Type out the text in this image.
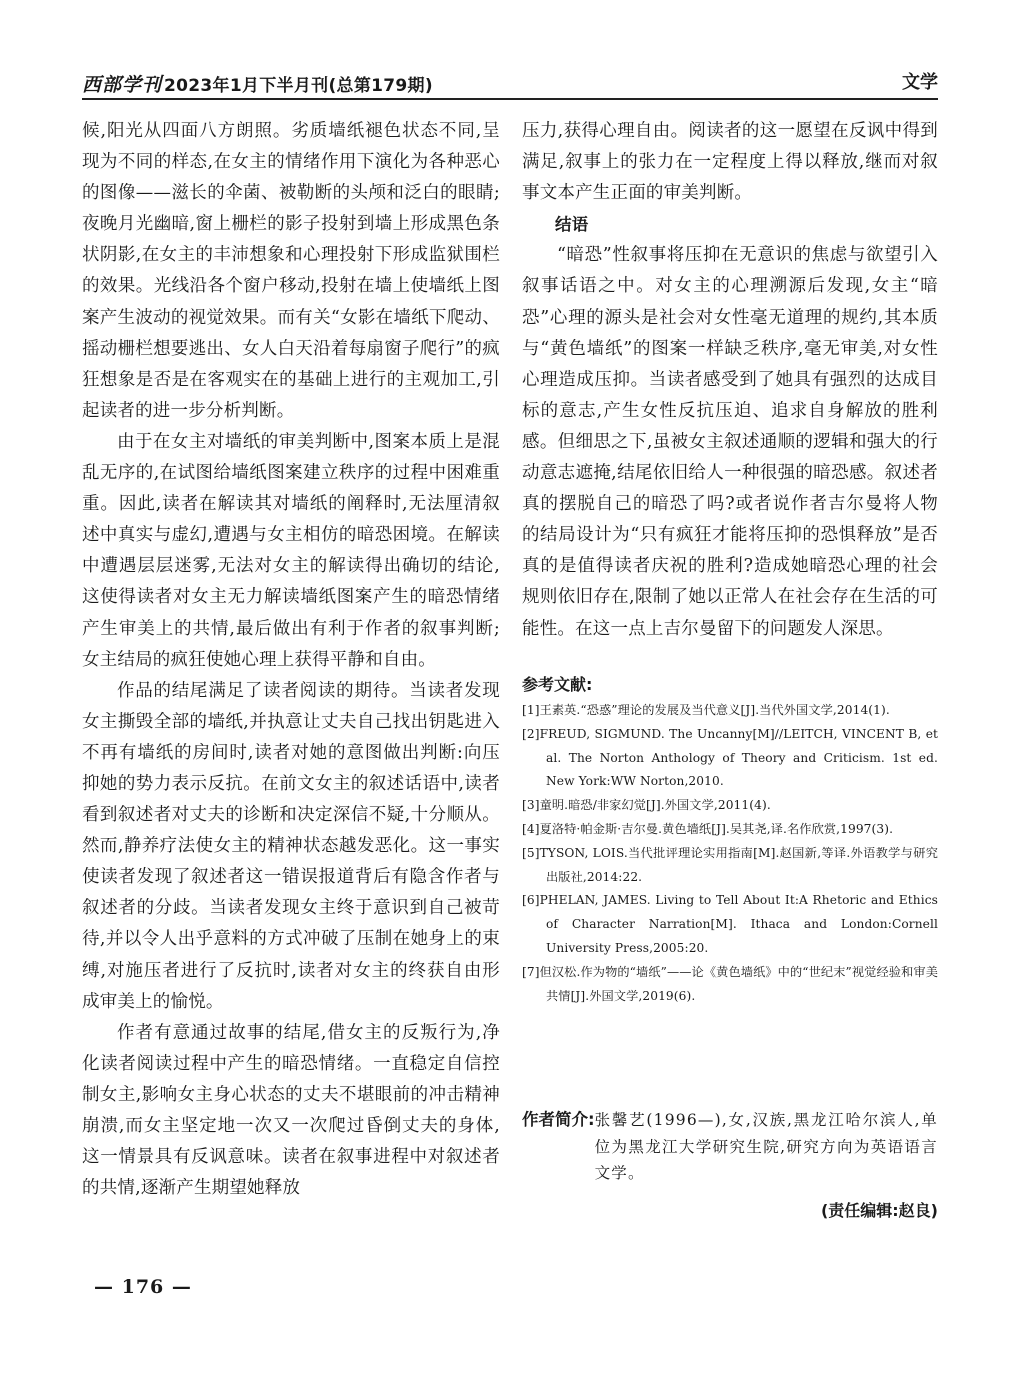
西部学刊 2023年1月下半月刊(总第179期)	文学

候,阳光从四面八方朗照。劣质墙纸褪色状态不同,呈现为不同的样态,在女主的情绪作用下演化为各种恶心的图像——滋长的伞菌、被勒断的头颅和泛白的眼睛;夜晚月光幽暗,窗上栅栏的影子投射到墙上形成黑色条状阴影,在女主的丰沛想象和心理投射下形成监狱围栏的效果。光线沿各个窗户移动,投射在墙上使墙纸上图案产生波动的视觉效果。而有关“女影在墙纸下爬动、摇动栅栏想要逃出、女人白天沿着每扇窗子爬行”的疯狂想象是否是在客观实在的基础上进行的主观加工,引起读者的进一步分析判断。

由于在女主对墙纸的审美判断中,图案本质上是混乱无序的,在试图给墙纸图案建立秩序的过程中困难重重。因此,读者在解读其对墙纸的阐释时,无法厘清叙述中真实与虚幻,遭遇与女主相仿的暗恐困境。在解读中遭遇层层迷雾,无法对女主的解读得出确切的结论,这使得读者对女主无力解读墙纸图案产生的暗恐情绪产生审美上的共情,最后做出有利于作者的叙事判断;女主结局的疯狂使她心理上获得平静和自由。

作品的结尾满足了读者阅读的期待。当读者发现女主撕毁全部的墙纸,并执意让丈夫自己找出钥匙进入不再有墙纸的房间时,读者对她的意图做出判断:向压抑她的势力表示反抗。在前文女主的叙述话语中,读者看到叙述者对丈夫的诊断和决定深信不疑,十分顺从。然而,静养疗法使女主的精神状态越发恶化。这一事实使读者发现了叙述者这一错误报道背后有隐含作者与叙述者的分歧。当读者发现女主终于意识到自己被苛待,并以令人出乎意料的方式冲破了压制在她身上的束缚,对施压者进行了反抗时,读者对女主的终获自由形成审美上的愉悦。

作者有意通过故事的结尾,借女主的反叛行为,净化读者阅读过程中产生的暗恐情绪。一直稳定自信控制女主,影响女主身心状态的丈夫不堪眼前的冲击精神崩溃,而女主坚定地一次又一次爬过昏倒丈夫的身体,这一情景具有反讽意味。读者在叙事进程中对叙述者的共情,逐渐产生期望她释放

压力,获得心理自由。阅读者的这一愿望在反讽中得到满足,叙事上的张力在一定程度上得以释放,继而对叙事文本产生正面的审美判断。

结语

“暗恐”性叙事将压抑在无意识的焦虑与欲望引入叙事话语之中。对女主的心理溯源后发现,女主“暗恐”心理的源头是社会对女性毫无道理的规约,其本质与“黄色墙纸”的图案一样缺乏秩序,毫无审美,对女性心理造成压抑。当读者感受到了她具有强烈的达成目标的意志,产生女性反抗压迫、追求自身解放的胜利感。但细思之下,虽被女主叙述通顺的逻辑和强大的行动意志遮掩,结尾依旧给人一种很强的暗恐感。叙述者真的摆脱自己的暗恐了吗?或者说作者吉尔曼将人物的结局设计为“只有疯狂才能将压抑的恐惧释放”是否真的是值得读者庆祝的胜利?造成她暗恐心理的社会规则依旧存在,限制了她以正常人在社会存在生活的可能性。在这一点上吉尔曼留下的问题发人深思。

参考文献:
[1]王素英.“恐惑”理论的发展及当代意义[J].当代外国文学,2014(1).
[2]FREUD, SIGMUND. The Uncanny[M]//LEITCH, VINCENT B, et al. The Norton Anthology of Theory and Criticism. 1st ed. New York:WW Norton,2010.
[3]童明.暗恐/非家幻觉[J].外国文学,2011(4).
[4]夏洛特·帕金斯·吉尔曼.黄色墙纸[J].吴其尧,译.名作欣赏,1997(3).
[5]TYSON, LOIS.当代批评理论实用指南[M].赵国新,等译.外语教学与研究出版社,2014:22.
[6]PHELAN, JAMES. Living to Tell About It:A Rhetoric and Ethics of Character Narration[M]. Ithaca and London:Cornell University Press,2005:20.
[7]但汉松.作为物的“墙纸”——论《黄色墙纸》中的“世纪末”视觉经验和审美共情[J].外国文学,2019(6).
作者简介: 张馨艺(1996—),女,汉族,黑龙江哈尔滨人,单位为黑龙江大学研究生院,研究方向为英语语言文学。
(责任编辑:赵良)
— 176 —
